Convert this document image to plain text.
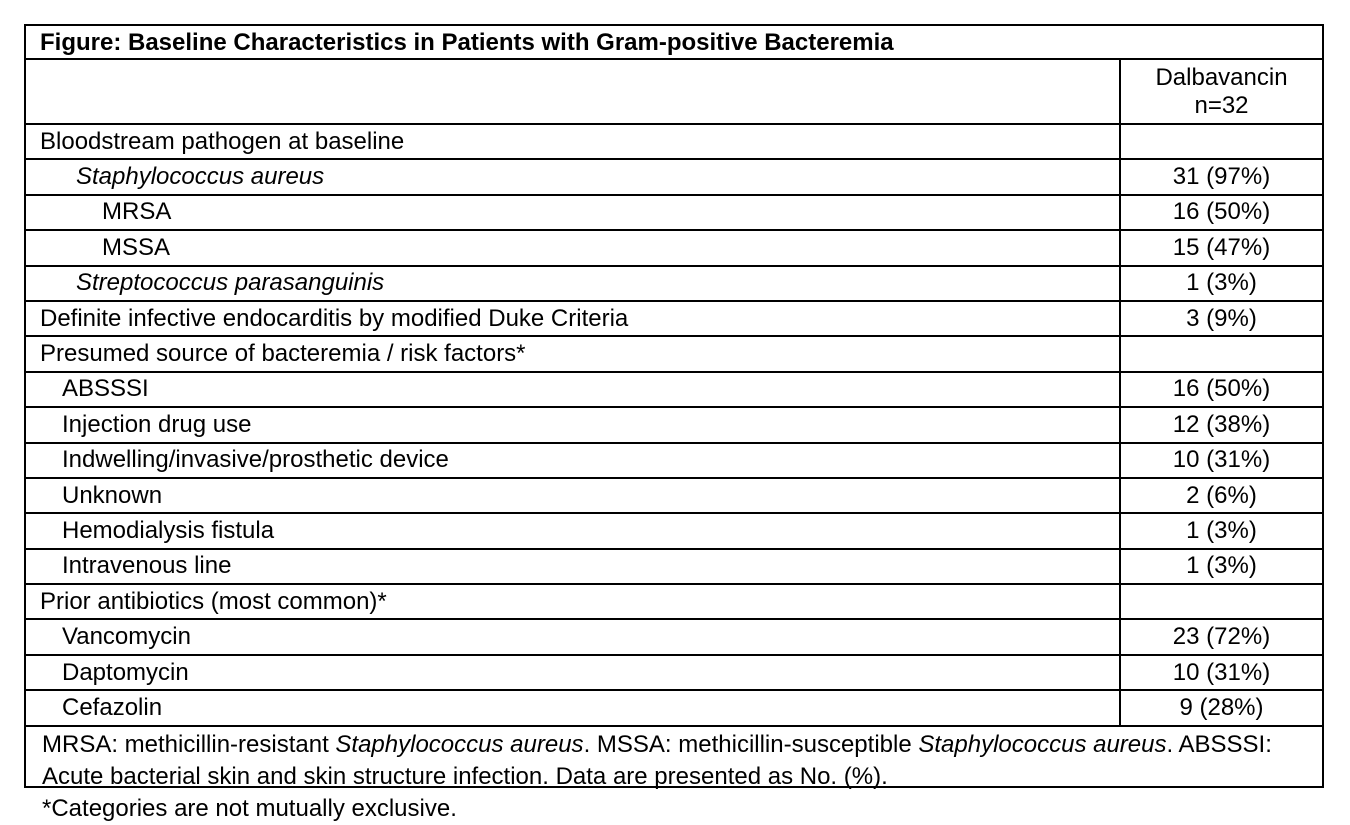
Figure: Baseline Characteristics in Patients with Gram-positive Bacteremia

	Dalbavancin
n=32

Bloodstream pathogen at baseline	
Staphylococcus aureus	31 (97%)
MRSA	16 (50%)
MSSA	15 (47%)
Streptococcus parasanguinis	1 (3%)
Definite infective endocarditis by modified Duke Criteria	3 (9%)
Presumed source of bacteremia / risk factors*	
ABSSSI	16 (50%)
Injection drug use	12 (38%)
Indwelling/invasive/prosthetic device	10 (31%)
Unknown	2 (6%)
Hemodialysis fistula	1 (3%)
Intravenous line	1 (3%)
Prior antibiotics (most common)*	
Vancomycin	23 (72%)
Daptomycin	10 (31%)
Cefazolin	9 (28%)
MRSA: methicillin-resistant Staphylococcus aureus. MSSA: methicillin-susceptible Staphylococcus aureus. ABSSSI: Acute bacterial skin and skin structure infection. Data are presented as No. (%).
*Categories are not mutually exclusive.
